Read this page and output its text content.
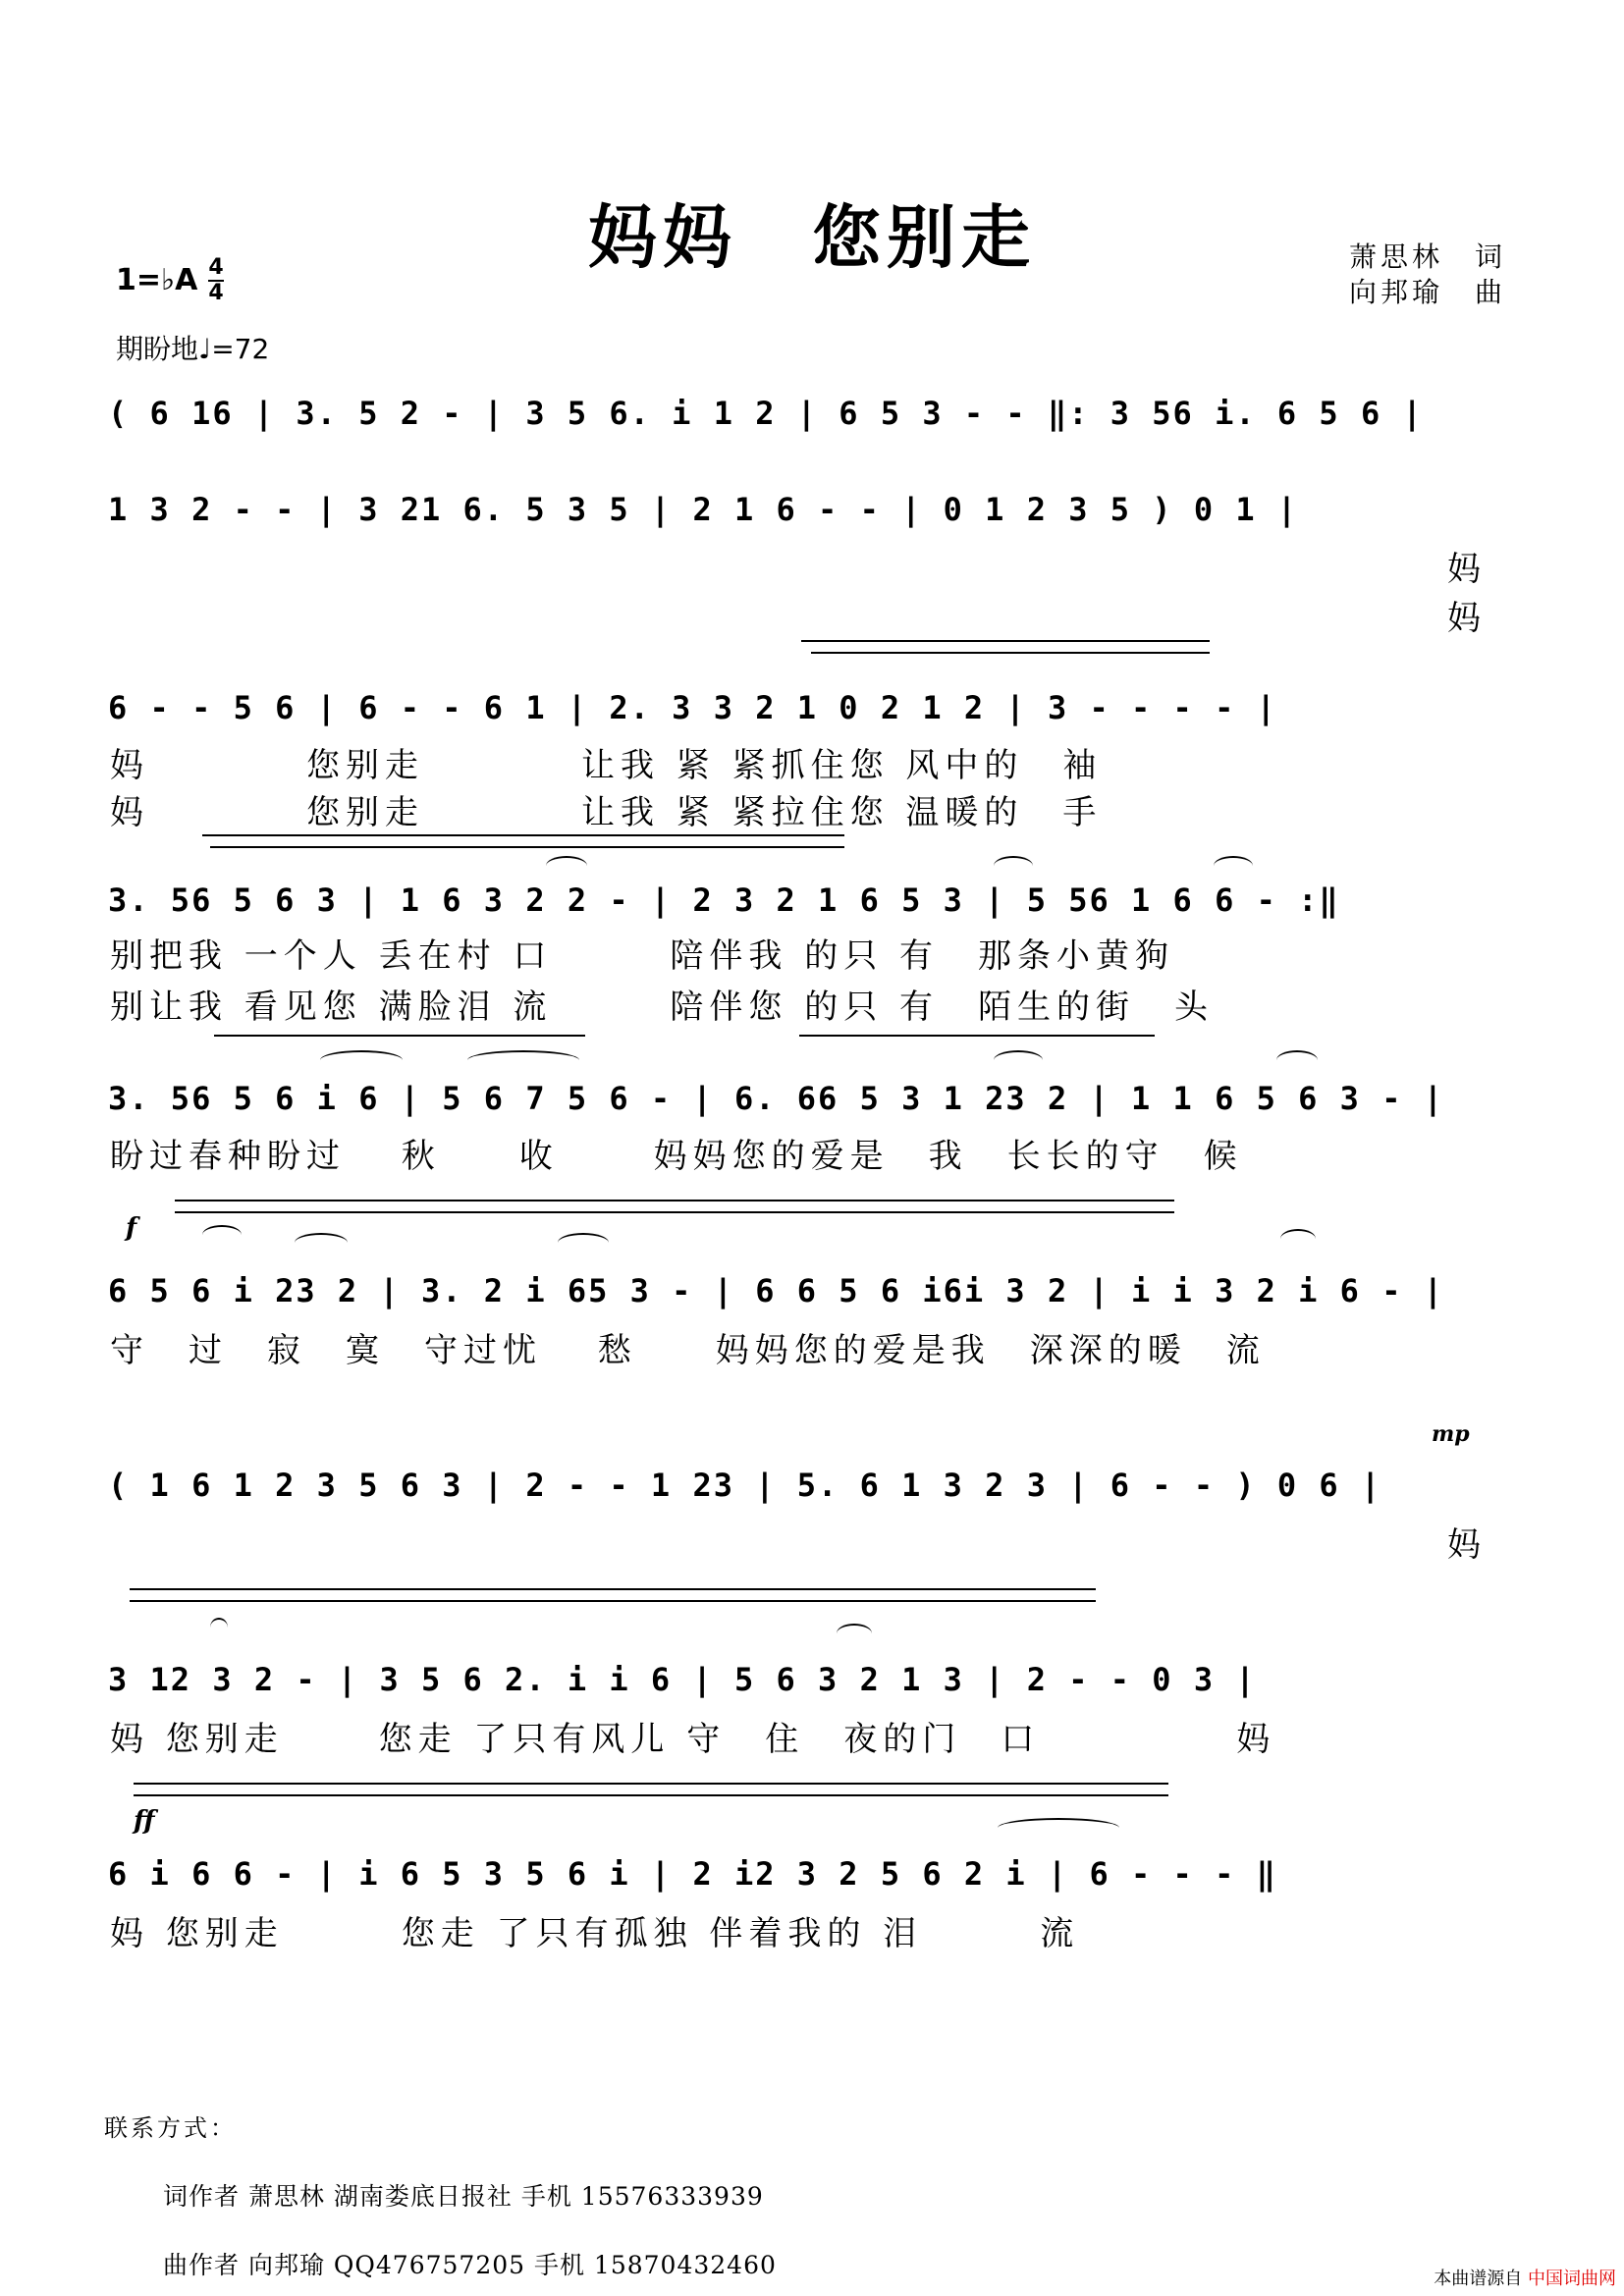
妈妈　您别走	萧思林　词
向邦瑜　曲
1=♭A 4
4
期盼地♩=72
( 6 16 | 3. 5 2 - | 3 5 6. i 1 2 | 6 5 3 - - ‖: 3 56 i. 6 5 6 |
1 3 2 - - | 3 21 6. 5 3 5 | 2 1 6 - - | 0 1 2 3 5 ) 0 1 |
妈
妈
6 - - 5 6 | 6 - - 6 1 | 2. 3 3 2 1 0 2 1 2 | 3 - - - - |
妈　　　　您别走　　　　让我 紧 紧抓住您 风中的　袖
妈　　　　您别走　　　　让我 紧 紧拉住您 温暖的　手
3. 56 5 6 3 | 1 6 3 2 2 - | 2 3 2 1 6 5 3 | 5 56 1 6 6 - :‖
别把我 一个人 丢在村 口　　　陪伴我 的只 有　那条小黄狗
别让我 看见您 满脸泪 流　　　陪伴您 的只 有　陌生的街　头
3. 56 5 6 i 6 | 5 6 7 5 6 - | 6. 66 5 3 1 23 2 | 1 1 6 5 6 3 - |
盼过春种盼过　 秋　　收　　 妈妈您的爱是　我　长长的守　候
f
6 5 6 i 23 2 | 3. 2 i 65 3 - | 6 6 5 6 i6i 3 2 | i i 3 2 i 6 - |
守　过　寂　寞　守过忧　 愁　　妈妈您的爱是我　深深的暖　流
mp
( 1 6 1 2 3 5 6 3 | 2 - - 1 23 | 5. 6 1 3 2 3 | 6 - - ) 0 6 |
妈
3 12 3 2 - | 3 5 6 2. i i 6 | 5 6 3 2 1 3 | 2 - - 0 3 |
妈 您别走　　 您走 了只有风儿 守　住　夜的门　口　　　　　妈
ff
6 i 6 6 - | i 6 5 3 5 6 i | 2 i2 3 2 5 6 2 i | 6 - - - ‖
妈 您别走　　　您走 了只有孤独 伴着我的 泪　　　流
联系方式：
词作者 萧思林 湖南娄底日报社 手机 15576333939
曲作者 向邦瑜 QQ476757205 手机 15870432460	本曲谱源自 中国词曲网
